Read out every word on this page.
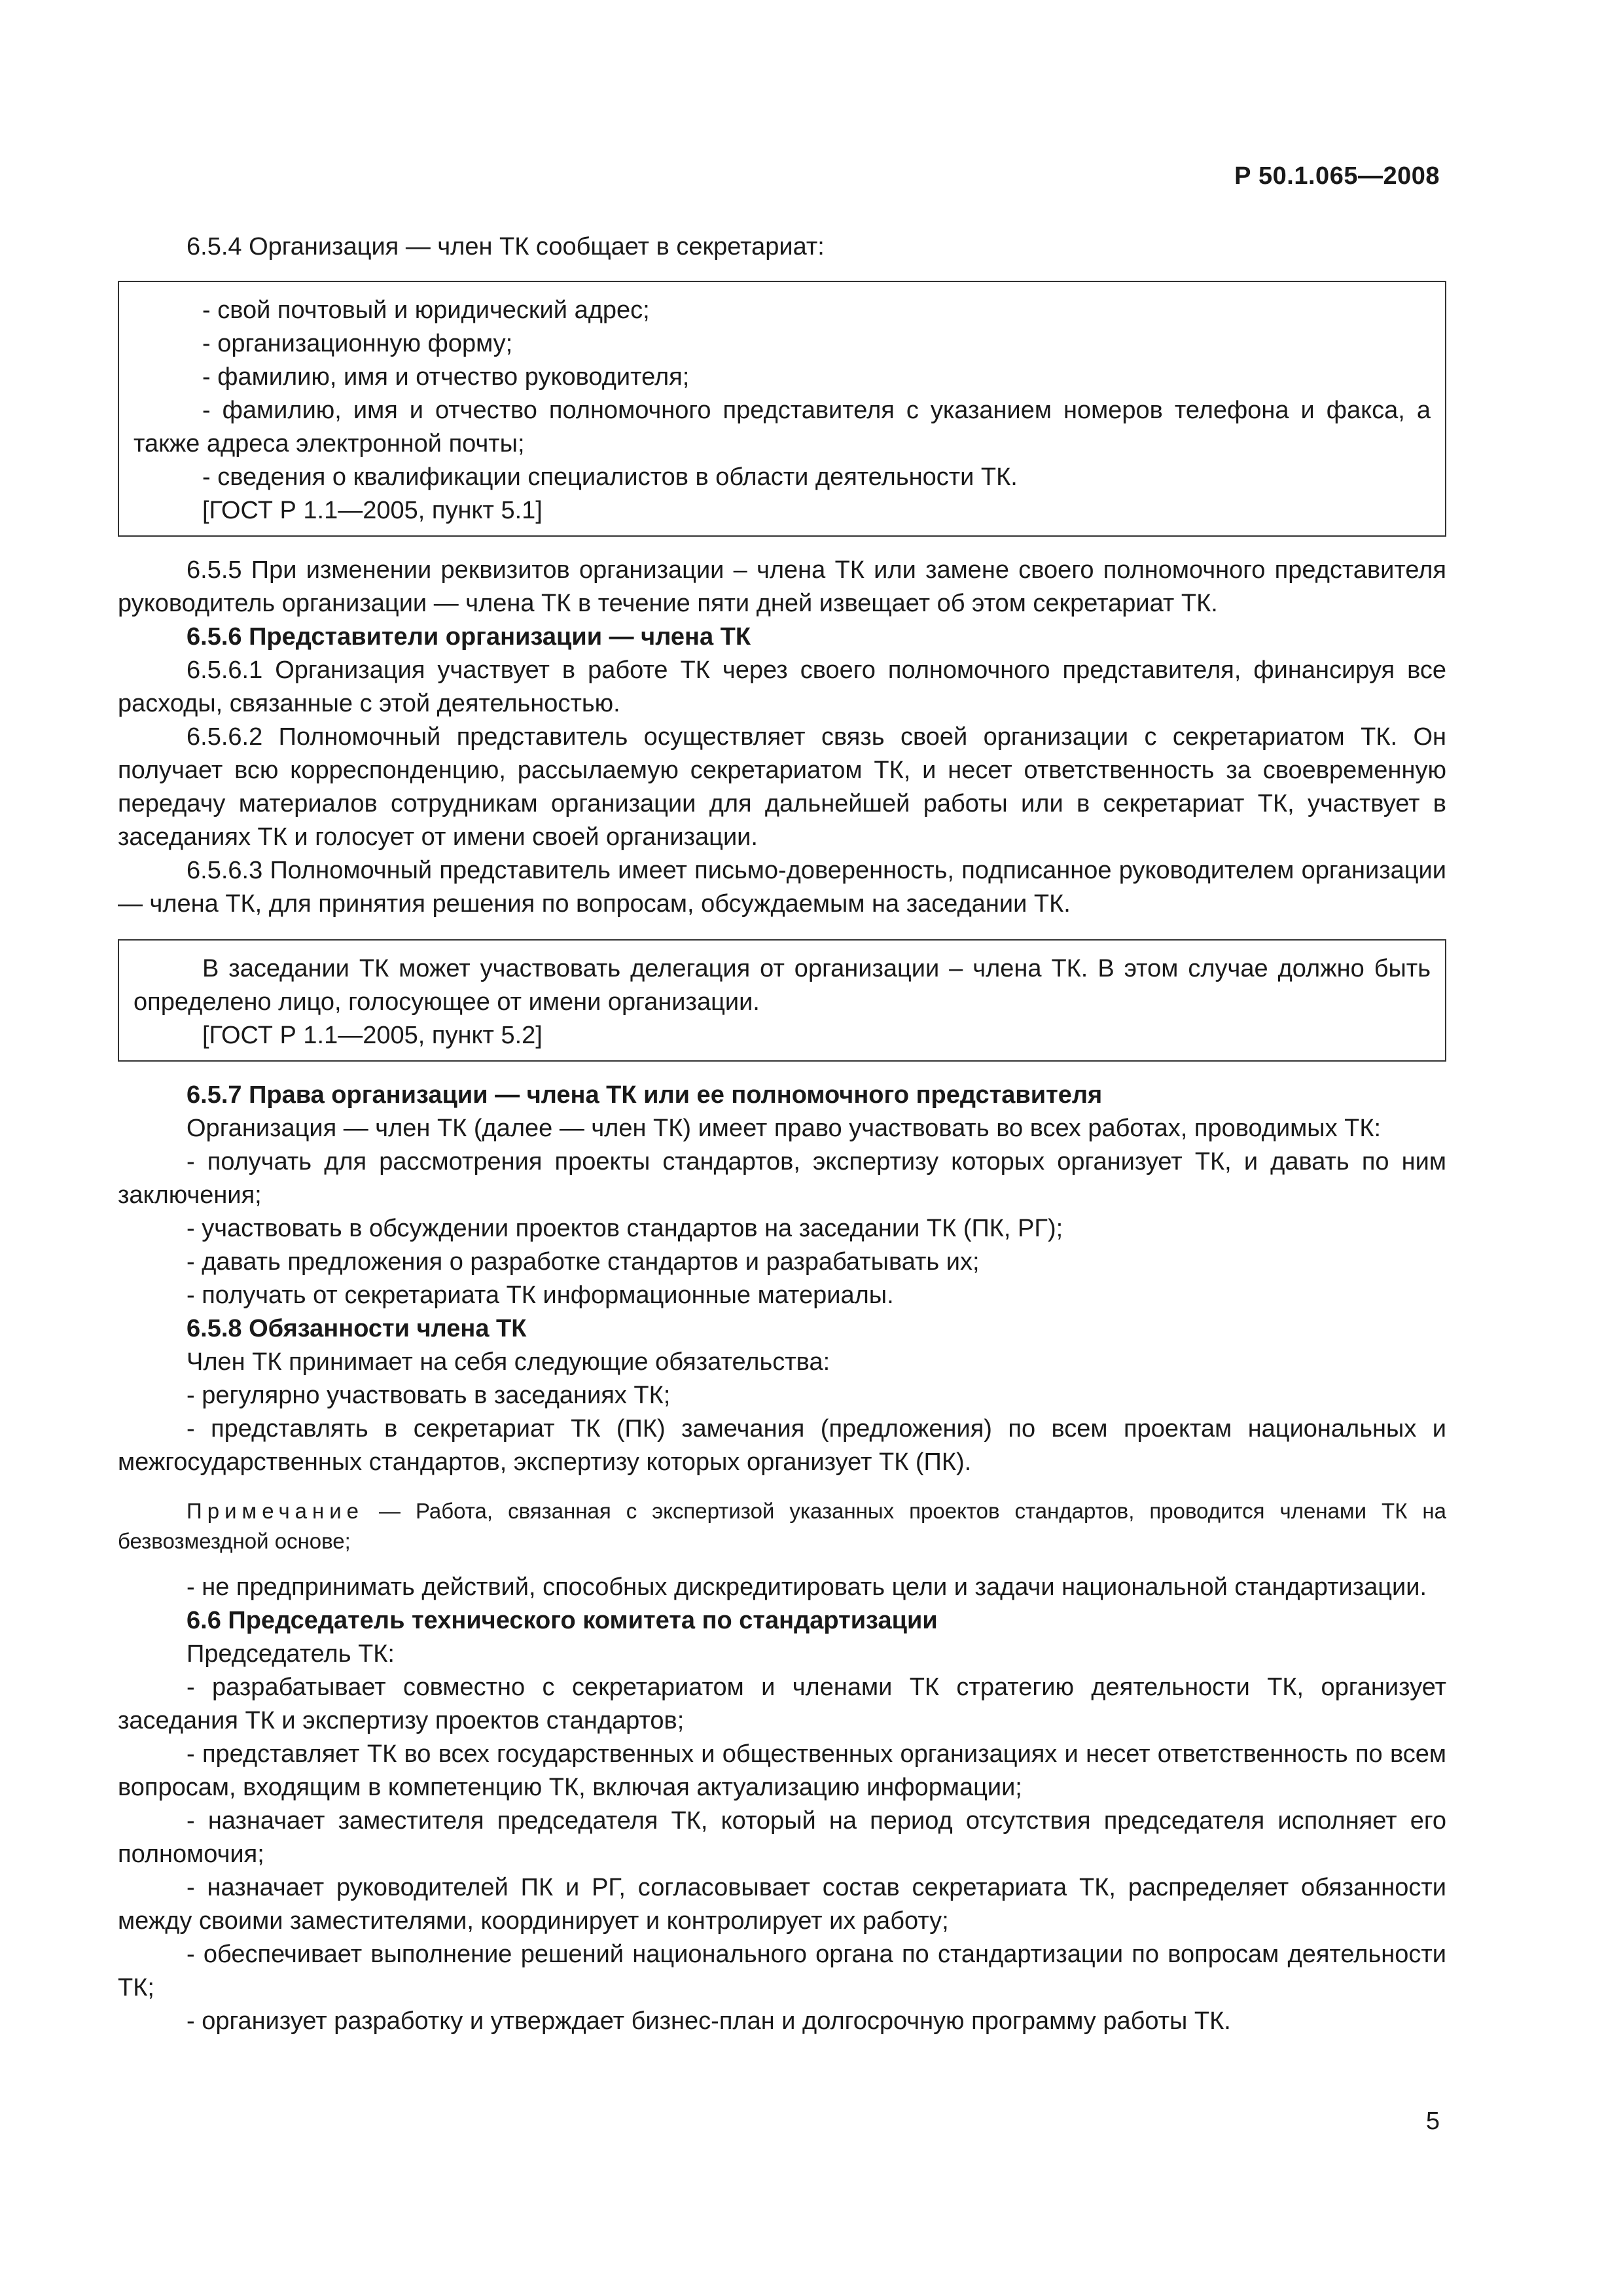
Р 50.1.065—2008

6.5.4 Организация — член ТК сообщает в секретариат:

- свой почтовый и юридический адрес;

- организационную форму;

- фамилию, имя и отчество руководителя;

- фамилию, имя и отчество полномочного представителя с указанием номеров телефона и факса, а также адреса электронной почты;

- сведения о квалификации специалистов в области деятельности ТК.

[ГОСТ Р 1.1—2005, пункт 5.1]

6.5.5 При изменении реквизитов организации – члена ТК или замене своего полномочного представителя руководитель организации — члена ТК в течение пяти дней извещает об этом секретариат ТК.

6.5.6 Представители организации — члена ТК

6.5.6.1 Организация участвует в работе ТК через своего полномочного представителя, финансируя все расходы, связанные с этой деятельностью.

6.5.6.2 Полномочный представитель осуществляет связь своей организации с секретариатом ТК. Он получает всю корреспонденцию, рассылаемую секретариатом ТК, и несет ответственность за своевременную передачу материалов сотрудникам организации для дальнейшей работы или в секретариат ТК, участвует в заседаниях ТК и голосует от имени своей организации.

6.5.6.3 Полномочный представитель имеет письмо-доверенность, подписанное руководителем организации — члена ТК, для принятия решения по вопросам, обсуждаемым на заседании ТК.

В заседании ТК может участвовать делегация от организации – члена ТК. В этом случае должно быть определено лицо, голосующее от имени организации.

[ГОСТ Р 1.1—2005, пункт 5.2]

6.5.7 Права организации — члена ТК или ее полномочного представителя

Организация — член ТК (далее — член ТК) имеет право участвовать во всех работах, проводимых ТК:

- получать для рассмотрения проекты стандартов, экспертизу которых организует ТК, и давать по ним заключения;

- участвовать в обсуждении проектов стандартов на заседании ТК (ПК, РГ);

- давать предложения о разработке стандартов и разрабатывать их;

- получать от секретариата ТК информационные материалы.

6.5.8 Обязанности члена ТК

Член ТК принимает на себя следующие обязательства:

- регулярно участвовать в заседаниях ТК;

- представлять в секретариат ТК (ПК) замечания (предложения) по всем проектам национальных и межгосударственных стандартов, экспертизу которых организует ТК (ПК).

Примечание — Работа, связанная с экспертизой указанных проектов стандартов, проводится членами ТК на безвозмездной основе;

- не предпринимать действий, способных дискредитировать цели и задачи национальной стандартизации.

6.6 Председатель технического комитета по стандартизации

Председатель ТК:

- разрабатывает совместно с секретариатом и членами ТК стратегию деятельности ТК, организует заседания ТК и экспертизу проектов стандартов;

- представляет ТК во всех государственных и общественных организациях и несет ответственность по всем вопросам, входящим в компетенцию ТК, включая актуализацию информации;

- назначает заместителя председателя ТК, который на период отсутствия председателя исполняет его полномочия;

- назначает руководителей ПК и РГ, согласовывает состав секретариата ТК, распределяет обязанности между своими заместителями, координирует и контролирует их работу;

- обеспечивает выполнение решений национального органа по стандартизации по вопросам деятельности ТК;

- организует разработку и утверждает бизнес-план и долгосрочную программу работы ТК.

5
